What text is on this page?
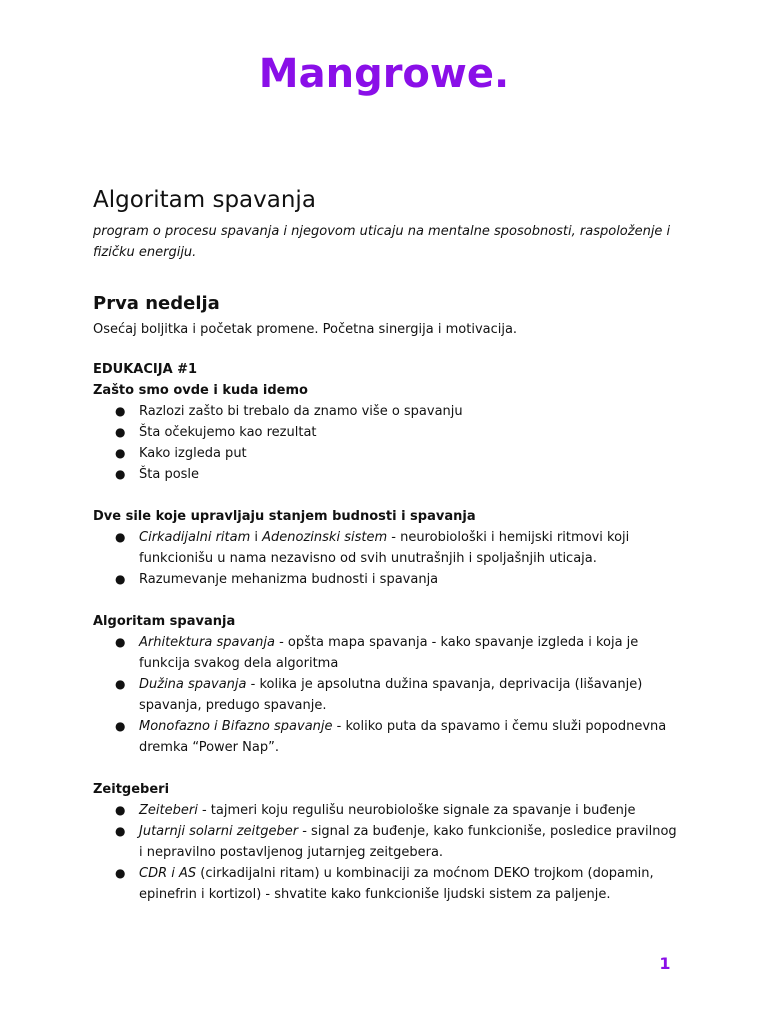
Mangrowe.
Algoritam spavanja

program o procesu spavanja i njegovom uticaju na mentalne sposobnosti, raspoloženje i fizičku energiju.

Prva nedelja

Osećaj boljitka i početak promene. Početna sinergija i motivacija.

EDUKACIJA #1
Zašto smo ovde i kuda idemo
● Razlozi zašto bi trebalo da znamo više o spavanju
● Šta očekujemo kao rezultat
● Kako izgleda put
● Šta posle
Dve sile koje upravljaju stanjem budnosti i spavanja
● Cirkadijalni ritam i Adenozinski sistem - neurobiološki i hemijski ritmovi koji funkcionišu u nama nezavisno od svih unutrašnjih i spoljašnjih uticaja.
● Razumevanje mehanizma budnosti i spavanja
Algoritam spavanja
● Arhitektura spavanja - opšta mapa spavanja - kako spavanje izgleda i koja je funkcija svakog dela algoritma
● Dužina spavanja - kolika je apsolutna dužina spavanja, deprivacija (lišavanje) spavanja, predugo spavanje.
● Monofazno i Bifazno spavanje - koliko puta da spavamo i čemu služi popodnevna dremka “Power Nap”.
Zeitgeberi
● Zeiteberi - tajmeri koju regulišu neurobiološke signale za spavanje i buđenje
● Jutarnji solarni zeitgeber - signal za buđenje, kako funkcioniše, posledice pravilnog i nepravilno postavljenog jutarnjeg zeitgebera.
● CDR i AS (cirkadijalni ritam) u kombinaciji za moćnom DEKO trojkom (dopamin, epinefrin i kortizol) - shvatite kako funkcioniše ljudski sistem za paljenje.
1
